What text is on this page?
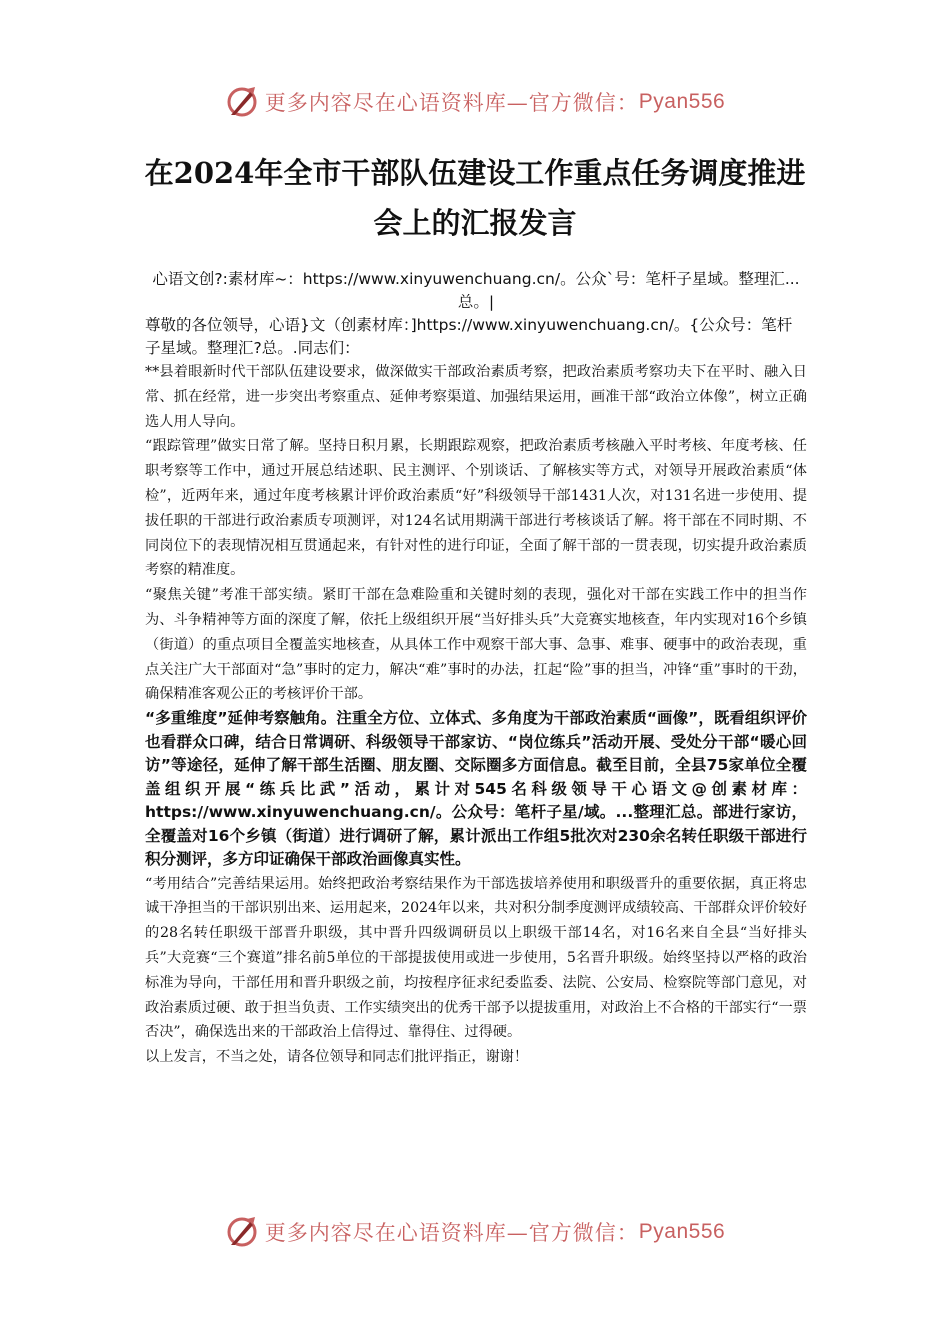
更多内容尽在心语资料库—官方微信： Pyan556
在2024年全市干部队伍建设工作重点任务调度推进
会上的汇报发言

心语文创?:素材库~：https://www.xinyuwenchuang.cn/。公众`号：笔杆子星域。整理汇...总。|

尊敬的各位领导，心语}文（创素材库：]https://www.xinyuwenchuang.cn/。{公众号：笔杆子星域。整理汇?总。.同志们：

**县着眼新时代干部队伍建设要求，做深做实干部政治素质考察，把政治素质考察功夫下在平时、融入日常、抓在经常，进一步突出考察重点、延伸考察渠道、加强结果运用，画准干部“政治立体像”，树立正确选人用人导向。

“跟踪管理”做实日常了解。坚持日积月累，长期跟踪观察，把政治素质考核融入平时考核、年度考核、任职考察等工作中，通过开展总结述职、民主测评、个别谈话、了解核实等方式，对领导开展政治素质“体检”，近两年来，通过年度考核累计评价政治素质“好”科级领导干部1431人次，对131名进一步使用、提拔任职的干部进行政治素质专项测评，对124名试用期满干部进行考核谈话了解。将干部在不同时期、不同岗位下的表现情况相互贯通起来，有针对性的进行印证，全面了解干部的一贯表现，切实提升政治素质考察的精准度。

“聚焦关键”考准干部实绩。紧盯干部在急难险重和关键时刻的表现，强化对干部在实践工作中的担当作为、斗争精神等方面的深度了解，依托上级组织开展“当好排头兵”大竞赛实地核查，年内实现对16个乡镇（街道）的重点项目全覆盖实地核查，从具体工作中观察干部大事、急事、难事、硬事中的政治表现，重点关注广大干部面对“急”事时的定力，解决“难”事时的办法，扛起“险”事的担当，冲锋“重”事时的干劲，确保精准客观公正的考核评价干部。

“多重维度”延伸考察触角。注重全方位、立体式、多角度为干部政治素质“画像”，既看组织评价也看群众口碑，结合日常调研、科级领导干部家访、“岗位练兵”活动开展、受处分干部“暖心回访”等途径，延伸了解干部生活圈、朋友圈、交际圈多方面信息。截至目前，全县75家单位全覆盖组织开展“练兵比武”活动，累计对545名科级领导干心语文@创素材库：https://www.xinyuwenchuang.cn/。公众号：笔杆子星/域。...整理汇总。部进行家访，全覆盖对16个乡镇（街道）进行调研了解，累计派出工作组5批次对230余名转任职级干部进行积分测评，多方印证确保干部政治画像真实性。

“考用结合”完善结果运用。始终把政治考察结果作为干部选拔培养使用和职级晋升的重要依据，真正将忠诚干净担当的干部识别出来、运用起来，2024年以来，共对积分制季度测评成绩较高、干部群众评价较好的28名转任职级干部晋升职级，其中晋升四级调研员以上职级干部14名，对16名来自全县“当好排头兵”大竞赛“三个赛道”排名前5单位的干部提拔使用或进一步使用，5名晋升职级。始终坚持以严格的政治标准为导向，干部任用和晋升职级之前，均按程序征求纪委监委、法院、公安局、检察院等部门意见，对政治素质过硬、敢于担当负责、工作实绩突出的优秀干部予以提拔重用，对政治上不合格的干部实行“一票否决”，确保选出来的干部政治上信得过、靠得住、过得硬。

以上发言，不当之处，请各位领导和同志们批评指正，谢谢！

更多内容尽在心语资料库—官方微信： Pyan556
